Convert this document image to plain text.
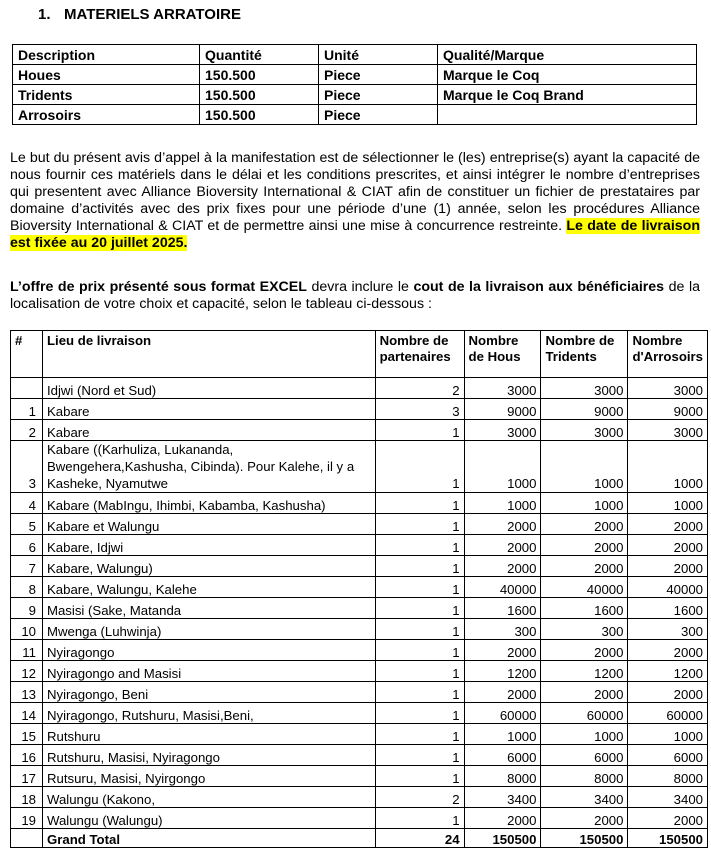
1. MATERIELS ARRATOIRE
Description	Quantité	Unité	Qualité/Marque
Houes	150.500	Piece	Marque le Coq
Tridents	150.500	Piece	Marque le Coq Brand
Arrosoirs	150.500	Piece	
Le but du présent avis d’appel à la manifestation est de sélectionner le (les) entreprise(s) ayant la capacité de nous fournir ces matériels dans le délai et les conditions prescrites, et ainsi intégrer le nombre d’entreprises qui presentent avec Alliance Bioversity International & CIAT afin de constituer un fichier de prestataires par domaine d’activités avec des prix fixes pour une période d’une (1) année, selon les procédures Alliance Bioversity International & CIAT et de permettre ainsi une mise à concurrence restreinte. Le date de livraison est fixée au 20 juillet 2025.
L’offre de prix présenté sous format EXCEL devra inclure le cout de la livraison aux bénéficiaires de la localisation de votre choix et capacité, selon le tableau ci-dessous :
#	Lieu de livraison	Nombre de partenaires	Nombre de Hous	Nombre de Tridents	Nombre d'Arrosoirs
	Idjwi (Nord et Sud)	2	3000	3000	3000
1	Kabare	3	9000	9000	9000
2	Kabare	1	3000	3000	3000
3	Kabare ((Karhuliza, Lukananda, Bwengehera,Kashusha, Cibinda). Pour Kalehe, il y a Kasheke, Nyamutwe	1	1000	1000	1000
4	Kabare (MabIngu, Ihimbi, Kabamba, Kashusha)	1	1000	1000	1000
5	Kabare et Walungu	1	2000	2000	2000
6	Kabare, Idjwi	1	2000	2000	2000
7	Kabare, Walungu)	1	2000	2000	2000
8	Kabare, Walungu, Kalehe	1	40000	40000	40000
9	Masisi (Sake, Matanda	1	1600	1600	1600
10	Mwenga (Luhwinja)	1	300	300	300
11	Nyiragongo	1	2000	2000	2000
12	Nyiragongo and Masisi	1	1200	1200	1200
13	Nyiragongo, Beni	1	2000	2000	2000
14	Nyiragongo, Rutshuru, Masisi,Beni,	1	60000	60000	60000
15	Rutshuru	1	1000	1000	1000
16	Rutshuru, Masisi, Nyiragongo	1	6000	6000	6000
17	Rutsuru, Masisi, Nyirgongo	1	8000	8000	8000
18	Walungu (Kakono,	2	3400	3400	3400
19	Walungu (Walungu)	1	2000	2000	2000
	Grand Total	24	150500	150500	150500
